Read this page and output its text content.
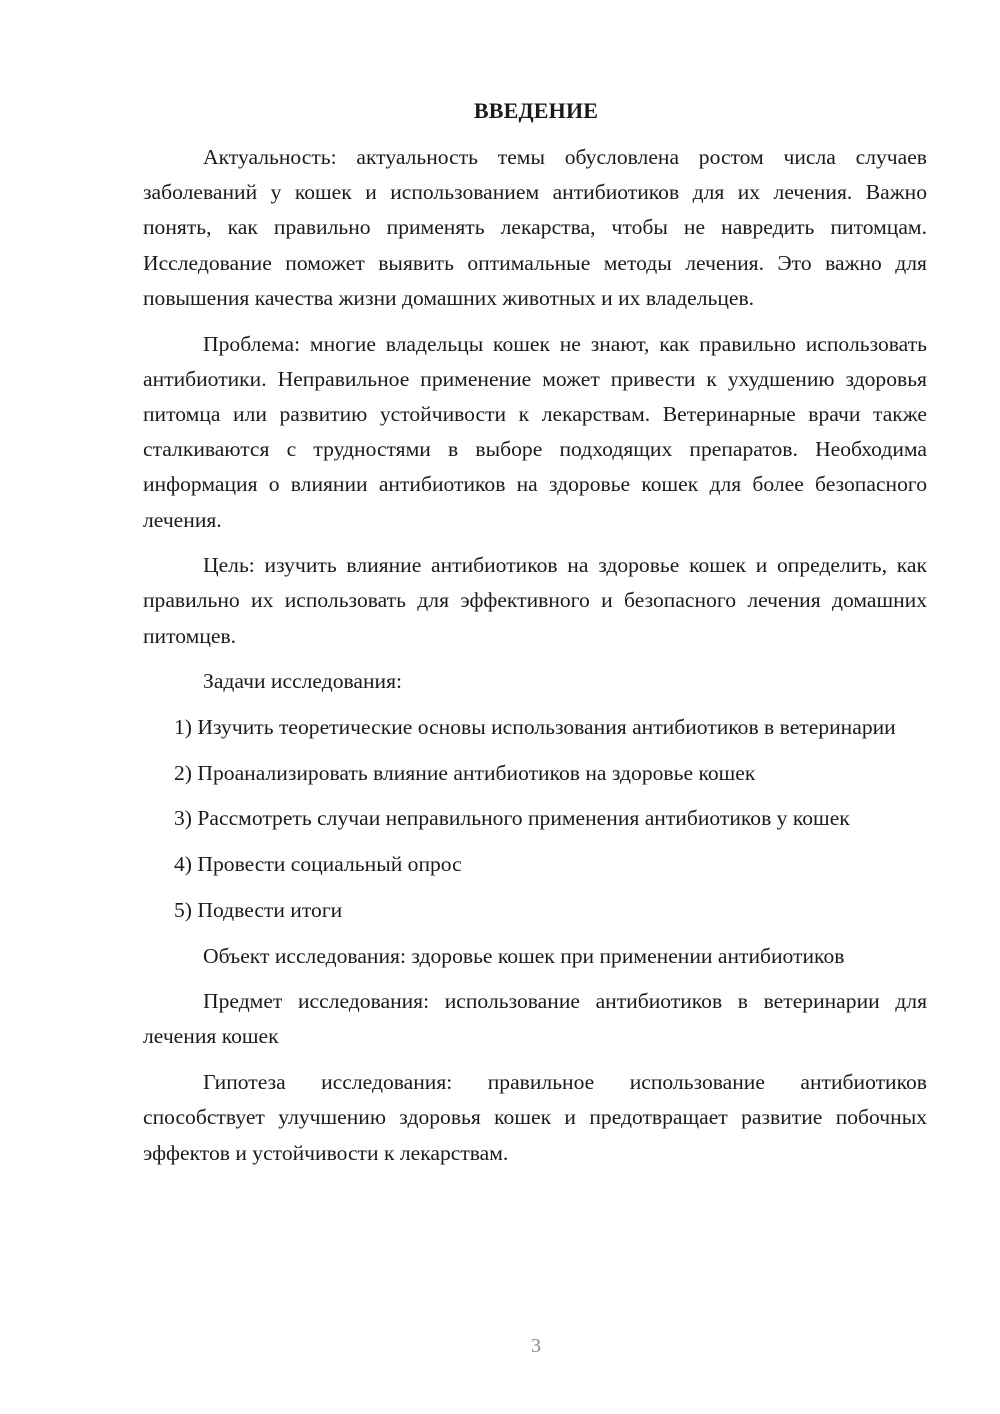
ВВЕДЕНИЕ

Актуальность: актуальность темы обусловлена ростом числа случаев заболеваний у кошек и использованием антибиотиков для их лечения. Важно понять, как правильно применять лекарства, чтобы не навредить питомцам. Исследование поможет выявить оптимальные методы лечения. Это важно для повышения качества жизни домашних животных и их владельцев.

Проблема: многие владельцы кошек не знают, как правильно использовать антибиотики. Неправильное применение может привести к ухудшению здоровья питомца или развитию устойчивости к лекарствам. Ветеринарные врачи также сталкиваются с трудностями в выборе подходящих препаратов. Необходима информация о влиянии антибиотиков на здоровье кошек для более безопасного лечения.

Цель: изучить влияние антибиотиков на здоровье кошек и определить, как правильно их использовать для эффективного и безопасного лечения домашних питомцев.

Задачи исследования:

1) Изучить теоретические основы использования антибиотиков в ветеринарии

2) Проанализировать влияние антибиотиков на здоровье кошек

3) Рассмотреть случаи неправильного применения антибиотиков у кошек

4) Провести социальный опрос

5) Подвести итоги

Объект исследования: здоровье кошек при применении антибиотиков

Предмет исследования: использование антибиотиков в ветеринарии для лечения кошек

Гипотеза исследования: правильное использование антибиотиков способствует улучшению здоровья кошек и предотвращает развитие побочных эффектов и устойчивости к лекарствам.

3
